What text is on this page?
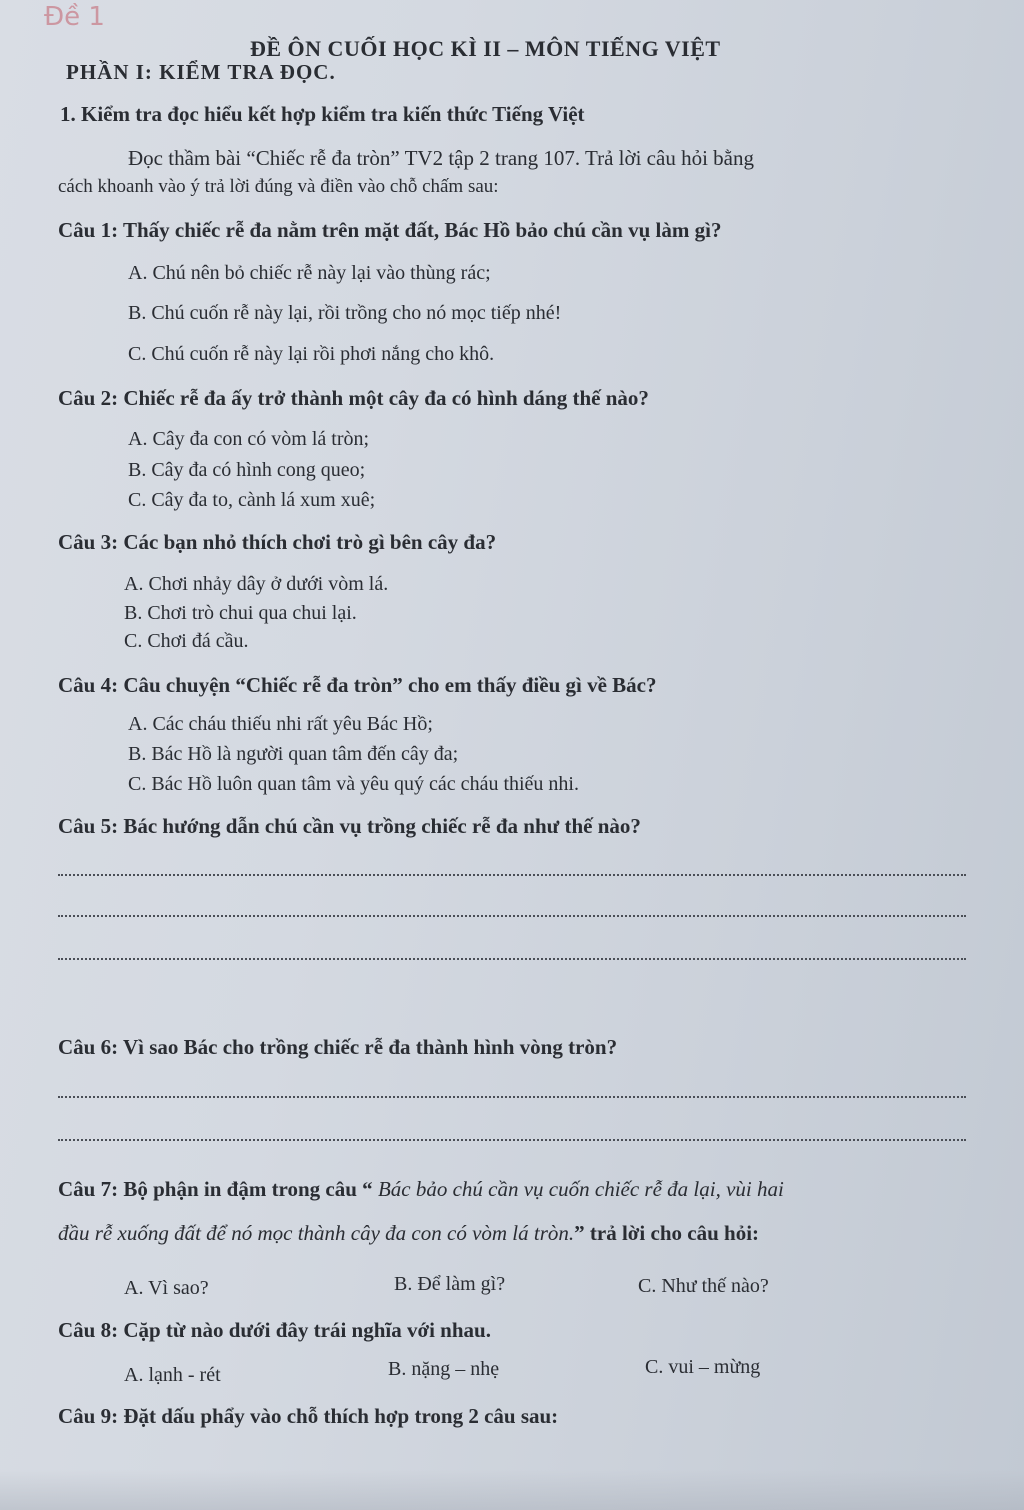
Đề 1
ĐỀ ÔN CUỐI HỌC KÌ II – MÔN TIẾNG VIỆT
PHẦN I: KIỂM TRA ĐỌC.
1. Kiểm tra đọc hiểu kết hợp kiểm tra kiến thức Tiếng Việt
Đọc thầm bài “Chiếc rễ đa tròn” TV2 tập 2 trang 107. Trả lời câu hỏi bằng
cách khoanh vào ý trả lời đúng và điền vào chỗ chấm sau:
Câu 1: Thấy chiếc rễ đa nằm trên mặt đất, Bác Hồ bảo chú cần vụ làm gì?
A. Chú nên bỏ chiếc rễ này lại vào thùng rác;
B. Chú cuốn rễ này lại, rồi trồng cho nó mọc tiếp nhé!
C. Chú cuốn rễ này lại rồi phơi nắng cho khô.
Câu 2: Chiếc rễ đa ấy trở thành một cây đa có hình dáng thế nào?
A. Cây đa con có vòm lá tròn;
B. Cây đa có hình cong queo;
C. Cây đa to, cành lá xum xuê;
Câu 3: Các bạn nhỏ thích chơi trò gì bên cây đa?
A. Chơi nhảy dây ở dưới vòm lá.
B. Chơi trò chui qua chui lại.
C. Chơi đá cầu.
Câu 4: Câu chuyện “Chiếc rễ đa tròn” cho em thấy điều gì về Bác?
A. Các cháu thiếu nhi rất yêu Bác Hồ;
B. Bác Hồ là người quan tâm đến cây đa;
C. Bác Hồ luôn quan tâm và yêu quý các cháu thiếu nhi.
Câu 5: Bác hướng dẫn chú cần vụ trồng chiếc rễ đa như thế nào?
Câu 6: Vì sao Bác cho trồng chiếc rễ đa thành hình vòng tròn?
Câu 7: Bộ phận in đậm trong câu “ Bác bảo chú cần vụ cuốn chiếc rễ đa lại, vùi hai
đầu rễ xuống đất để nó mọc thành cây đa con có vòm lá tròn.” trả lời cho câu hỏi:
A. Vì sao?	B. Để làm gì?	C. Như thế nào?
Câu 8: Cặp từ nào dưới đây trái nghĩa với nhau.
A. lạnh - rét	B. nặng – nhẹ	C. vui – mừng
Câu 9: Đặt dấu phẩy vào chỗ thích hợp trong 2 câu sau:
